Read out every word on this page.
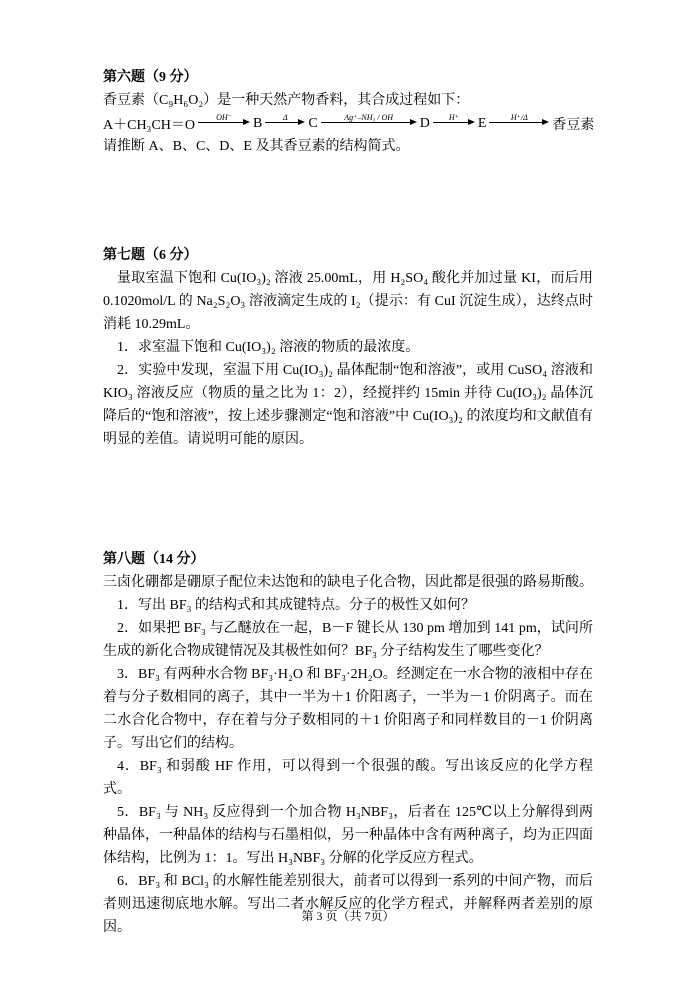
第六题（9 分）

香豆素（C₉H₆O₂）是一种天然产物香料，其合成过程如下：

A＋CH₃CH＝O
OH⁻	B	Δ	C	Ag⁺–NH₃ / OH	D	H⁺	E	H⁺/Δ
香豆素

请推断 A、B、C、D、E 及其香豆素的结构简式。

第七题（6 分）

量取室温下饱和 Cu(IO₃)₂ 溶液 25.00mL，用 H₂SO₄ 酸化并加过量 KI，而后用 0.1020mol/L 的 Na₂S₂O₃ 溶液滴定生成的 I₂（提示：有 CuI 沉淀生成），达终点时消耗 10.29mL。

1．求室温下饱和 Cu(IO₃)₂ 溶液的物质的最浓度。

2．实验中发现，室温下用 Cu(IO₃)₂ 晶体配制“饱和溶液”，或用 CuSO₄ 溶液和 KIO₃ 溶液反应（物质的量之比为 1：2），经搅拌约 15min 并待 Cu(IO₃)₂ 晶体沉降后的“饱和溶液”，按上述步骤测定“饱和溶液”中 Cu(IO₃)₂ 的浓度均和文献值有明显的差值。请说明可能的原因。

第八题（14 分）

三卤化硼都是硼原子配位未达饱和的缺电子化合物，因此都是很强的路易斯酸。

1．写出 BF₃ 的结构式和其成键特点。分子的极性又如何？

2．如果把 BF₃ 与乙醚放在一起，B－F 键长从 130 pm 增加到 141 pm，试问所生成的新化合物成键情况及其极性如何？BF₃ 分子结构发生了哪些变化？

3．BF₃ 有两种水合物 BF₃·H₂O 和 BF₃·2H₂O。经测定在一水合物的液相中存在着与分子数相同的离子，其中一半为＋1 价阳离子，一半为－1 价阴离子。而在二水合化合物中，存在着与分子数相同的＋1 价阳离子和同样数目的－1 价阴离子。写出它们的结构。

4．BF₃ 和弱酸 HF 作用，可以得到一个很强的酸。写出该反应的化学方程式。

5．BF₃ 与 NH₃ 反应得到一个加合物 H₃NBF₃，后者在 125℃以上分解得到两种晶体，一种晶体的结构与石墨相似，另一种晶体中含有两种离子，均为正四面体结构，比例为 1：1。写出 H₃NBF₃ 分解的化学反应方程式。

6．BF₃ 和 BCl₃ 的水解性能差别很大，前者可以得到一系列的中间产物，而后者则迅速彻底地水解。写出二者水解反应的化学方程式，并解释两者差别的原因。

第 3 页（共 7页）
